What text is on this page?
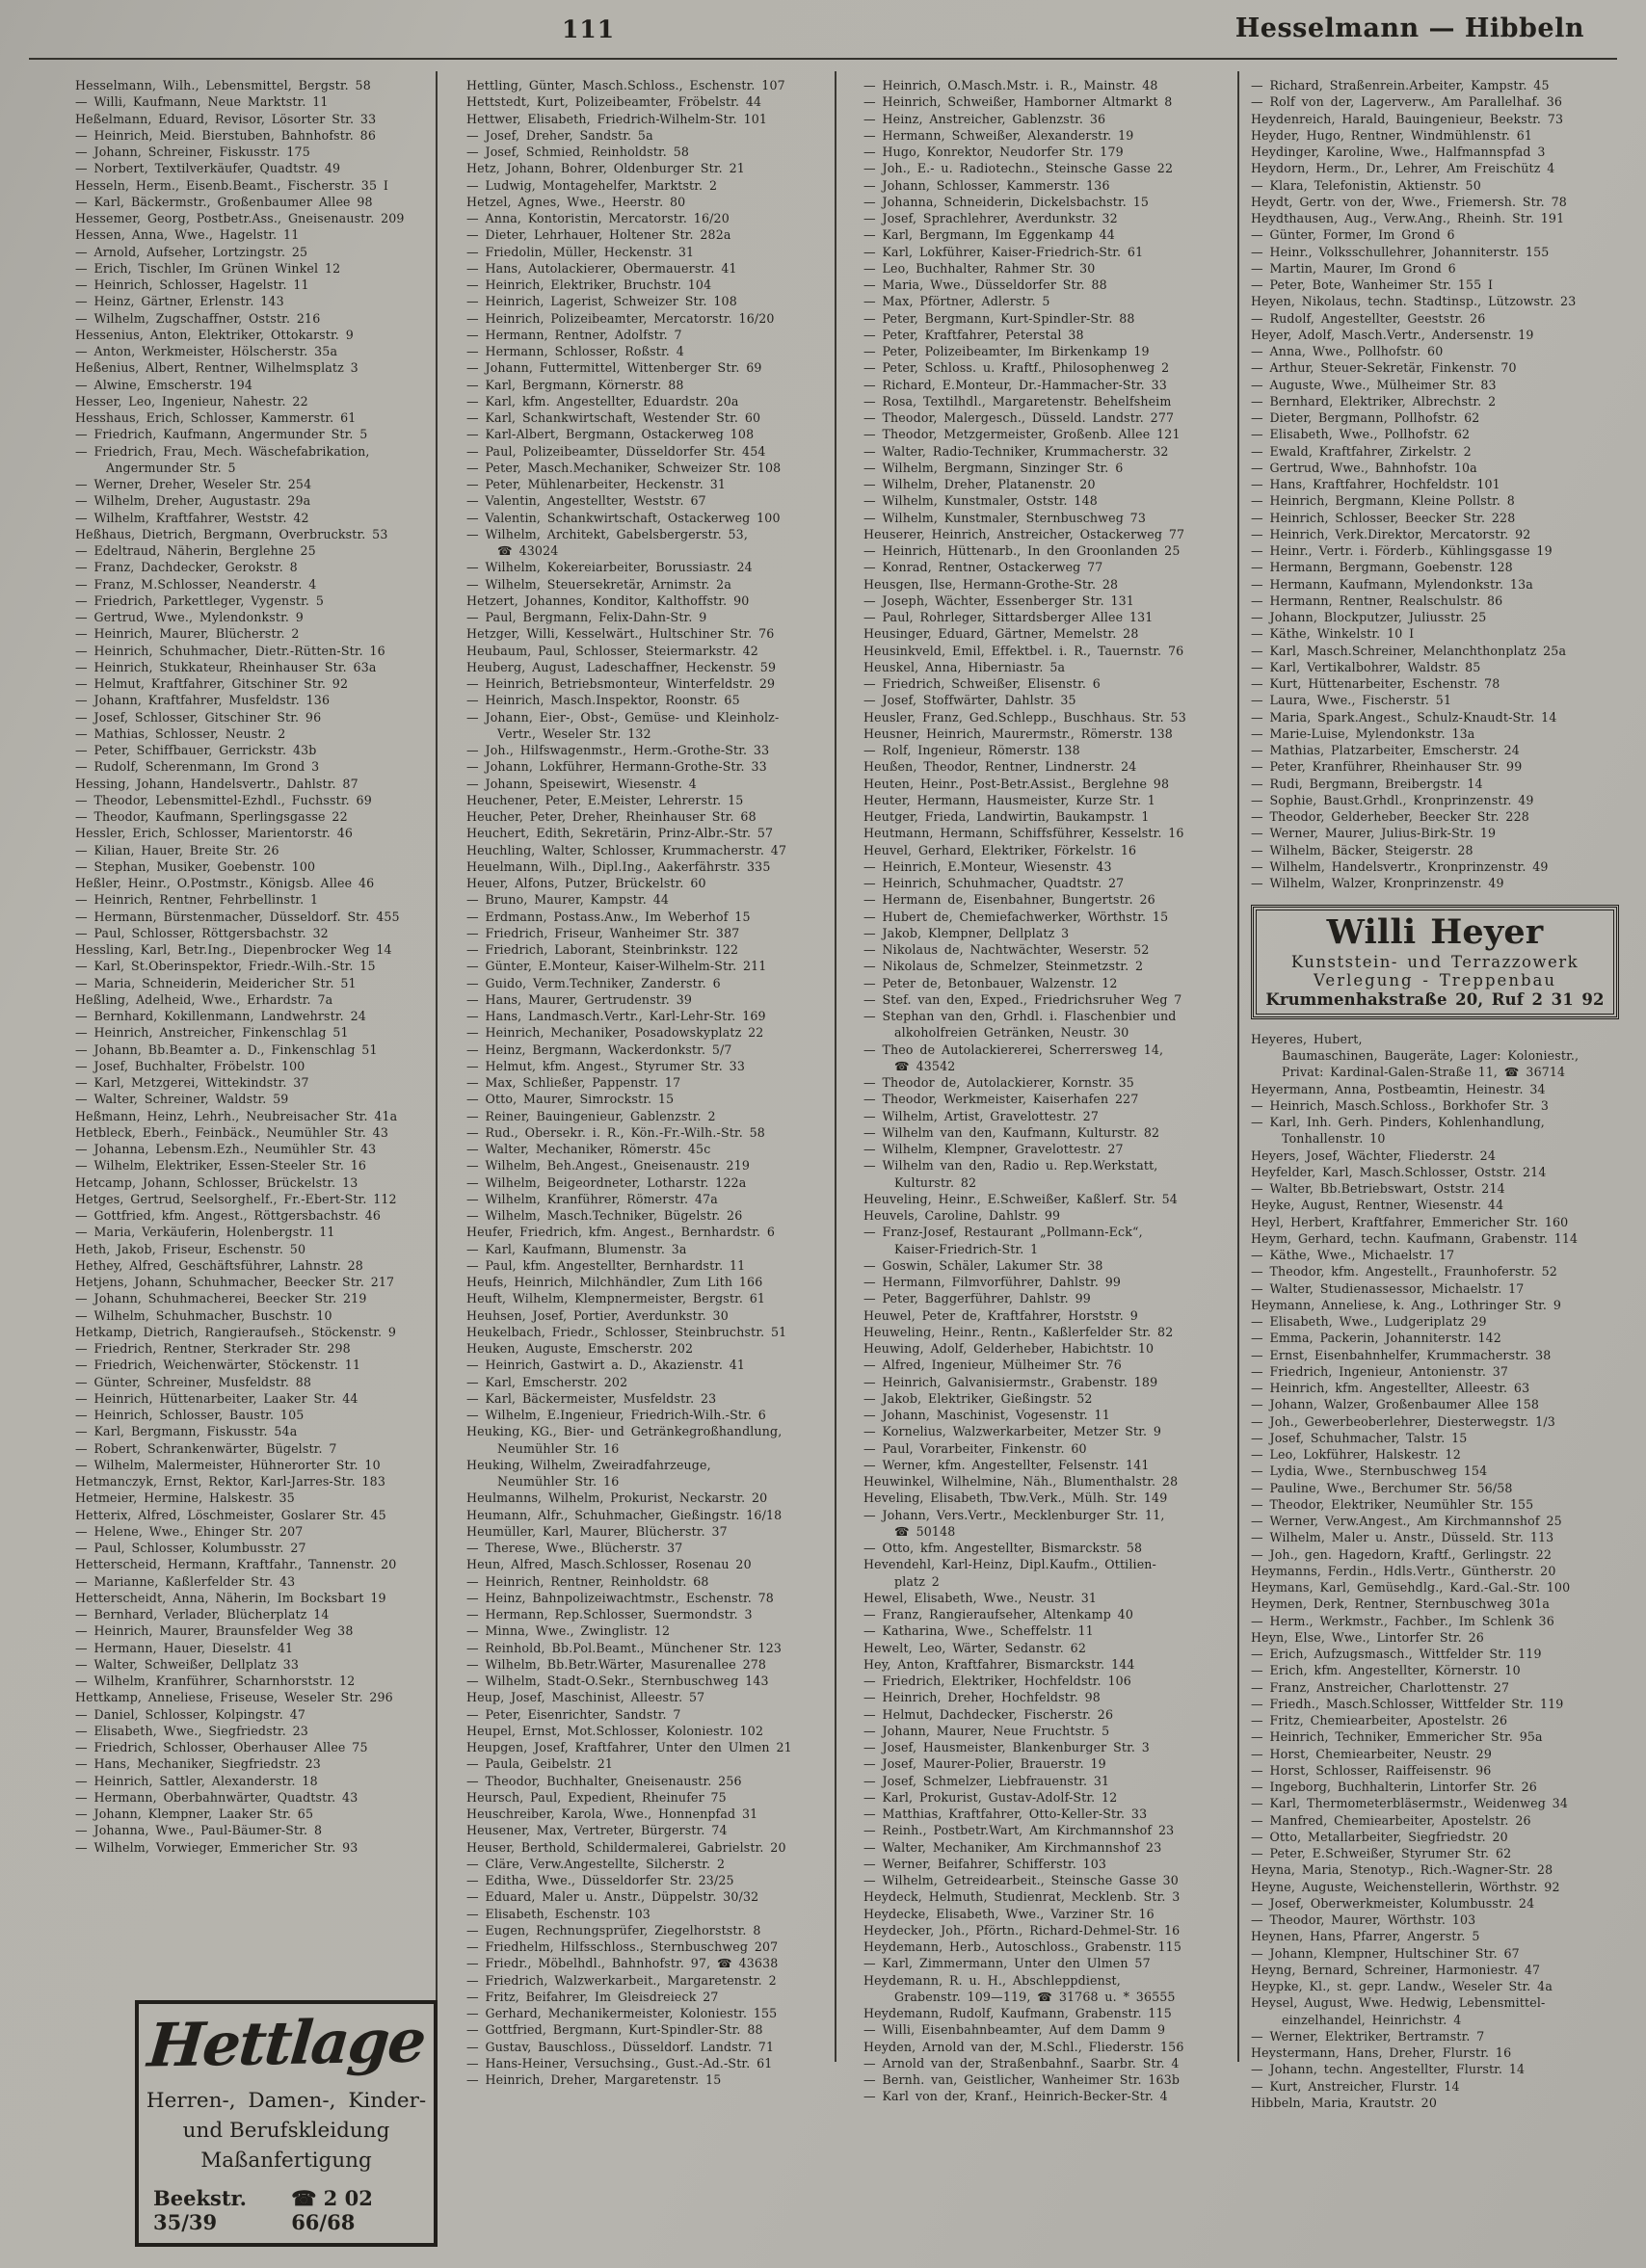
111	Hesselmann — Hibbeln
Hesselmann, Wilh., Lebensmittel, Bergstr. 58
— Willi, Kaufmann, Neue Marktstr. 11
Heßelmann, Eduard, Revisor, Lösorter Str. 33
— Heinrich, Meid. Bierstuben, Bahnhofstr. 86
— Johann, Schreiner, Fiskusstr. 175
— Norbert, Textilverkäufer, Quadtstr. 49
Hesseln, Herm., Eisenb.Beamt., Fischerstr. 35 I
— Karl, Bäckermstr., Großenbaumer Allee 98
Hessemer, Georg, Postbetr.Ass., Gneisenaustr. 209
Hessen, Anna, Wwe., Hagelstr. 11
— Arnold, Aufseher, Lortzingstr. 25
— Erich, Tischler, Im Grünen Winkel 12
— Heinrich, Schlosser, Hagelstr. 11
— Heinz, Gärtner, Erlenstr. 143
— Wilhelm, Zugschaffner, Oststr. 216
Hessenius, Anton, Elektriker, Ottokarstr. 9
— Anton, Werkmeister, Hölscherstr. 35a
Heßenius, Albert, Rentner, Wilhelmsplatz 3
— Alwine, Emscherstr. 194
Hesser, Leo, Ingenieur, Nahestr. 22
Hesshaus, Erich, Schlosser, Kammerstr. 61
— Friedrich, Kaufmann, Angermunder Str. 5
— Friedrich, Frau, Mech. Wäschefabrikation,
Angermunder Str. 5
— Werner, Dreher, Weseler Str. 254
— Wilhelm, Dreher, Augustastr. 29a
— Wilhelm, Kraftfahrer, Weststr. 42
Heßhaus, Dietrich, Bergmann, Overbruckstr. 53
— Edeltraud, Näherin, Berglehne 25
— Franz, Dachdecker, Gerokstr. 8
— Franz, M.Schlosser, Neanderstr. 4
— Friedrich, Parkettleger, Vygenstr. 5
— Gertrud, Wwe., Mylendonkstr. 9
— Heinrich, Maurer, Blücherstr. 2
— Heinrich, Schuhmacher, Dietr.-Rütten-Str. 16
— Heinrich, Stukkateur, Rheinhauser Str. 63a
— Helmut, Kraftfahrer, Gitschiner Str. 92
— Johann, Kraftfahrer, Musfeldstr. 136
— Josef, Schlosser, Gitschiner Str. 96
— Mathias, Schlosser, Neustr. 2
— Peter, Schiffbauer, Gerrickstr. 43b
— Rudolf, Scherenmann, Im Grond 3
Hessing, Johann, Handelsvertr., Dahlstr. 87
— Theodor, Lebensmittel-Ezhdl., Fuchsstr. 69
— Theodor, Kaufmann, Sperlingsgasse 22
Hessler, Erich, Schlosser, Marientorstr. 46
— Kilian, Hauer, Breite Str. 26
— Stephan, Musiker, Goebenstr. 100
Heßler, Heinr., O.Postmstr., Königsb. Allee 46
— Heinrich, Rentner, Fehrbellinstr. 1
— Hermann, Bürstenmacher, Düsseldorf. Str. 455
— Paul, Schlosser, Röttgersbachstr. 32
Hessling, Karl, Betr.Ing., Diepenbrocker Weg 14
— Karl, St.Oberinspektor, Friedr.-Wilh.-Str. 15
— Maria, Schneiderin, Meidericher Str. 51
Heßling, Adelheid, Wwe., Erhardstr. 7a
— Bernhard, Kokillenmann, Landwehrstr. 24
— Heinrich, Anstreicher, Finkenschlag 51
— Johann, Bb.Beamter a. D., Finkenschlag 51
— Josef, Buchhalter, Fröbelstr. 100
— Karl, Metzgerei, Wittekindstr. 37
— Walter, Schreiner, Waldstr. 59
Heßmann, Heinz, Lehrh., Neubreisacher Str. 41a
Hetbleck, Eberh., Feinbäck., Neumühler Str. 43
— Johanna, Lebensm.Ezh., Neumühler Str. 43
— Wilhelm, Elektriker, Essen-Steeler Str. 16
Hetcamp, Johann, Schlosser, Brückelstr. 13
Hetges, Gertrud, Seelsorghelf., Fr.-Ebert-Str. 112
— Gottfried, kfm. Angest., Röttgersbachstr. 46
— Maria, Verkäuferin, Holenbergstr. 11
Heth, Jakob, Friseur, Eschenstr. 50
Hethey, Alfred, Geschäftsführer, Lahnstr. 28
Hetjens, Johann, Schuhmacher, Beecker Str. 217
— Johann, Schuhmacherei, Beecker Str. 219
— Wilhelm, Schuhmacher, Buschstr. 10
Hetkamp, Dietrich, Rangieraufseh., Stöckenstr. 9
— Friedrich, Rentner, Sterkrader Str. 298
— Friedrich, Weichenwärter, Stöckenstr. 11
— Günter, Schreiner, Musfeldstr. 88
— Heinrich, Hüttenarbeiter, Laaker Str. 44
— Heinrich, Schlosser, Baustr. 105
— Karl, Bergmann, Fiskusstr. 54a
— Robert, Schrankenwärter, Bügelstr. 7
— Wilhelm, Malermeister, Hühnerorter Str. 10
Hetmanczyk, Ernst, Rektor, Karl-Jarres-Str. 183
Hetmeier, Hermine, Halskestr. 35
Hetterix, Alfred, Löschmeister, Goslarer Str. 45
— Helene, Wwe., Ehinger Str. 207
— Paul, Schlosser, Kolumbusstr. 27
Hetterscheid, Hermann, Kraftfahr., Tannenstr. 20
— Marianne, Kaßlerfelder Str. 43
Hetterscheidt, Anna, Näherin, Im Bocksbart 19
— Bernhard, Verlader, Blücherplatz 14
— Heinrich, Maurer, Braunsfelder Weg 38
— Hermann, Hauer, Dieselstr. 41
— Walter, Schweißer, Dellplatz 33
— Wilhelm, Kranführer, Scharnhorststr. 12
Hettkamp, Anneliese, Friseuse, Weseler Str. 296
— Daniel, Schlosser, Kolpingstr. 47
— Elisabeth, Wwe., Siegfriedstr. 23
— Friedrich, Schlosser, Oberhauser Allee 75
— Hans, Mechaniker, Siegfriedstr. 23
— Heinrich, Sattler, Alexanderstr. 18
— Hermann, Oberbahnwärter, Quadtstr. 43
— Johann, Klempner, Laaker Str. 65
— Johanna, Wwe., Paul-Bäumer-Str. 8
— Wilhelm, Vorwieger, Emmericher Str. 93
Hettling, Günter, Masch.Schloss., Eschenstr. 107
Hettstedt, Kurt, Polizeibeamter, Fröbelstr. 44
Hettwer, Elisabeth, Friedrich-Wilhelm-Str. 101
— Josef, Dreher, Sandstr. 5a
— Josef, Schmied, Reinholdstr. 58
Hetz, Johann, Bohrer, Oldenburger Str. 21
— Ludwig, Montagehelfer, Marktstr. 2
Hetzel, Agnes, Wwe., Heerstr. 80
— Anna, Kontoristin, Mercatorstr. 16/20
— Dieter, Lehrhauer, Holtener Str. 282a
— Friedolin, Müller, Heckenstr. 31
— Hans, Autolackierer, Obermauerstr. 41
— Heinrich, Elektriker, Bruchstr. 104
— Heinrich, Lagerist, Schweizer Str. 108
— Heinrich, Polizeibeamter, Mercatorstr. 16/20
— Hermann, Rentner, Adolfstr. 7
— Hermann, Schlosser, Roßstr. 4
— Johann, Futtermittel, Wittenberger Str. 69
— Karl, Bergmann, Körnerstr. 88
— Karl, kfm. Angestellter, Eduardstr. 20a
— Karl, Schankwirtschaft, Westender Str. 60
— Karl-Albert, Bergmann, Ostackerweg 108
— Paul, Polizeibeamter, Düsseldorfer Str. 454
— Peter, Masch.Mechaniker, Schweizer Str. 108
— Peter, Mühlenarbeiter, Heckenstr. 31
— Valentin, Angestellter, Weststr. 67
— Valentin, Schankwirtschaft, Ostackerweg 100
— Wilhelm, Architekt, Gabelsbergerstr. 53,
☎ 43024
— Wilhelm, Kokereiarbeiter, Borussiastr. 24
— Wilhelm, Steuersekretär, Arnimstr. 2a
Hetzert, Johannes, Konditor, Kalthoffstr. 90
— Paul, Bergmann, Felix-Dahn-Str. 9
Hetzger, Willi, Kesselwärt., Hultschiner Str. 76
Heubaum, Paul, Schlosser, Steiermarkstr. 42
Heuberg, August, Ladeschaffner, Heckenstr. 59
— Heinrich, Betriebsmonteur, Winterfeldstr. 29
— Heinrich, Masch.Inspektor, Roonstr. 65
— Johann, Eier-, Obst-, Gemüse- und Kleinholz-
Vertr., Weseler Str. 132
— Joh., Hilfswagenmstr., Herm.-Grothe-Str. 33
— Johann, Lokführer, Hermann-Grothe-Str. 33
— Johann, Speisewirt, Wiesenstr. 4
Heuchener, Peter, E.Meister, Lehrerstr. 15
Heucher, Peter, Dreher, Rheinhauser Str. 68
Heuchert, Edith, Sekretärin, Prinz-Albr.-Str. 57
Heuchling, Walter, Schlosser, Krummacherstr. 47
Heuelmann, Wilh., Dipl.Ing., Aakerfährstr. 335
Heuer, Alfons, Putzer, Brückelstr. 60
— Bruno, Maurer, Kampstr. 44
— Erdmann, Postass.Anw., Im Weberhof 15
— Friedrich, Friseur, Wanheimer Str. 387
— Friedrich, Laborant, Steinbrinkstr. 122
— Günter, E.Monteur, Kaiser-Wilhelm-Str. 211
— Guido, Verm.Techniker, Zanderstr. 6
— Hans, Maurer, Gertrudenstr. 39
— Hans, Landmasch.Vertr., Karl-Lehr-Str. 169
— Heinrich, Mechaniker, Posadowskyplatz 22
— Heinz, Bergmann, Wackerdonkstr. 5/7
— Helmut, kfm. Angest., Styrumer Str. 33
— Max, Schließer, Pappenstr. 17
— Otto, Maurer, Simrockstr. 15
— Reiner, Bauingenieur, Gablenzstr. 2
— Rud., Obersekr. i. R., Kön.-Fr.-Wilh.-Str. 58
— Walter, Mechaniker, Römerstr. 45c
— Wilhelm, Beh.Angest., Gneisenaustr. 219
— Wilhelm, Beigeordneter, Lotharstr. 122a
— Wilhelm, Kranführer, Römerstr. 47a
— Wilhelm, Masch.Techniker, Bügelstr. 26
Heufer, Friedrich, kfm. Angest., Bernhardstr. 6
— Karl, Kaufmann, Blumenstr. 3a
— Paul, kfm. Angestellter, Bernhardstr. 11
Heufs, Heinrich, Milchhändler, Zum Lith 166
Heuft, Wilhelm, Klempnermeister, Bergstr. 61
Heuhsen, Josef, Portier, Averdunkstr. 30
Heukelbach, Friedr., Schlosser, Steinbruchstr. 51
Heuken, Auguste, Emscherstr. 202
— Heinrich, Gastwirt a. D., Akazienstr. 41
— Karl, Emscherstr. 202
— Karl, Bäckermeister, Musfeldstr. 23
— Wilhelm, E.Ingenieur, Friedrich-Wilh.-Str. 6
Heuking, KG., Bier- und Getränkegroßhandlung,
Neumühler Str. 16
Heuking, Wilhelm, Zweiradfahrzeuge,
Neumühler Str. 16
Heulmanns, Wilhelm, Prokurist, Neckarstr. 20
Heumann, Alfr., Schuhmacher, Gießingstr. 16/18
Heumüller, Karl, Maurer, Blücherstr. 37
— Therese, Wwe., Blücherstr. 37
Heun, Alfred, Masch.Schlosser, Rosenau 20
— Heinrich, Rentner, Reinholdstr. 68
— Heinz, Bahnpolizeiwachtmstr., Eschenstr. 78
— Hermann, Rep.Schlosser, Suermondstr. 3
— Minna, Wwe., Zwinglistr. 12
— Reinhold, Bb.Pol.Beamt., Münchener Str. 123
— Wilhelm, Bb.Betr.Wärter, Masurenallee 278
— Wilhelm, Stadt-O.Sekr., Sternbuschweg 143
Heup, Josef, Maschinist, Alleestr. 57
— Peter, Eisenrichter, Sandstr. 7
Heupel, Ernst, Mot.Schlosser, Koloniestr. 102
Heupgen, Josef, Kraftfahrer, Unter den Ulmen 21
— Paula, Geibelstr. 21
— Theodor, Buchhalter, Gneisenaustr. 256
Heursch, Paul, Expedient, Rheinufer 75
Heuschreiber, Karola, Wwe., Honnenpfad 31
Heusener, Max, Vertreter, Bürgerstr. 74
Heuser, Berthold, Schildermalerei, Gabrielstr. 20
— Cläre, Verw.Angestellte, Silcherstr. 2
— Editha, Wwe., Düsseldorfer Str. 23/25
— Eduard, Maler u. Anstr., Düppelstr. 30/32
— Elisabeth, Eschenstr. 103
— Eugen, Rechnungsprüfer, Ziegelhorststr. 8
— Friedhelm, Hilfsschloss., Sternbuschweg 207
— Friedr., Möbelhdl., Bahnhofstr. 97, ☎ 43638
— Friedrich, Walzwerkarbeit., Margaretenstr. 2
— Fritz, Beifahrer, Im Gleisdreieck 27
— Gerhard, Mechanikermeister, Koloniestr. 155
— Gottfried, Bergmann, Kurt-Spindler-Str. 88
— Gustav, Bauschloss., Düsseldorf. Landstr. 71
— Hans-Heiner, Versuchsing., Gust.-Ad.-Str. 61
— Heinrich, Dreher, Margaretenstr. 15
— Heinrich, O.Masch.Mstr. i. R., Mainstr. 48
— Heinrich, Schweißer, Hamborner Altmarkt 8
— Heinz, Anstreicher, Gablenzstr. 36
— Hermann, Schweißer, Alexanderstr. 19
— Hugo, Konrektor, Neudorfer Str. 179
— Joh., E.- u. Radiotechn., Steinsche Gasse 22
— Johann, Schlosser, Kammerstr. 136
— Johanna, Schneiderin, Dickelsbachstr. 15
— Josef, Sprachlehrer, Averdunkstr. 32
— Karl, Bergmann, Im Eggenkamp 44
— Karl, Lokführer, Kaiser-Friedrich-Str. 61
— Leo, Buchhalter, Rahmer Str. 30
— Maria, Wwe., Düsseldorfer Str. 88
— Max, Pförtner, Adlerstr. 5
— Peter, Bergmann, Kurt-Spindler-Str. 88
— Peter, Kraftfahrer, Peterstal 38
— Peter, Polizeibeamter, Im Birkenkamp 19
— Peter, Schloss. u. Kraftf., Philosophenweg 2
— Richard, E.Monteur, Dr.-Hammacher-Str. 33
— Rosa, Textilhdl., Margaretenstr. Behelfsheim
— Theodor, Malergesch., Düsseld. Landstr. 277
— Theodor, Metzgermeister, Großenb. Allee 121
— Walter, Radio-Techniker, Krummacherstr. 32
— Wilhelm, Bergmann, Sinzinger Str. 6
— Wilhelm, Dreher, Platanenstr. 20
— Wilhelm, Kunstmaler, Oststr. 148
— Wilhelm, Kunstmaler, Sternbuschweg 73
Heuserer, Heinrich, Anstreicher, Ostackerweg 77
— Heinrich, Hüttenarb., In den Groonlanden 25
— Konrad, Rentner, Ostackerweg 77
Heusgen, Ilse, Hermann-Grothe-Str. 28
— Joseph, Wächter, Essenberger Str. 131
— Paul, Rohrleger, Sittardsberger Allee 131
Heusinger, Eduard, Gärtner, Memelstr. 28
Heusinkveld, Emil, Effektbel. i. R., Tauernstr. 76
Heuskel, Anna, Hiberniastr. 5a
— Friedrich, Schweißer, Elisenstr. 6
— Josef, Stoffwärter, Dahlstr. 35
Heusler, Franz, Ged.Schlepp., Buschhaus. Str. 53
Heusner, Heinrich, Maurermstr., Römerstr. 138
— Rolf, Ingenieur, Römerstr. 138
Heußen, Theodor, Rentner, Lindnerstr. 24
Heuten, Heinr., Post-Betr.Assist., Berglehne 98
Heuter, Hermann, Hausmeister, Kurze Str. 1
Heutger, Frieda, Landwirtin, Baukampstr. 1
Heutmann, Hermann, Schiffsführer, Kesselstr. 16
Heuvel, Gerhard, Elektriker, Förkelstr. 16
— Heinrich, E.Monteur, Wiesenstr. 43
— Heinrich, Schuhmacher, Quadtstr. 27
— Hermann de, Eisenbahner, Bungertstr. 26
— Hubert de, Chemiefachwerker, Wörthstr. 15
— Jakob, Klempner, Dellplatz 3
— Nikolaus de, Nachtwächter, Weserstr. 52
— Nikolaus de, Schmelzer, Steinmetzstr. 2
— Peter de, Betonbauer, Walzenstr. 12
— Stef. van den, Exped., Friedrichsruher Weg 7
— Stephan van den, Grhdl. i. Flaschenbier und
alkoholfreien Getränken, Neustr. 30
— Theo de Autolackiererei, Scherrersweg 14,
☎ 43542
— Theodor de, Autolackierer, Kornstr. 35
— Theodor, Werkmeister, Kaiserhafen 227
— Wilhelm, Artist, Gravelottestr. 27
— Wilhelm van den, Kaufmann, Kulturstr. 82
— Wilhelm, Klempner, Gravelottestr. 27
— Wilhelm van den, Radio u. Rep.Werkstatt,
Kulturstr. 82
Heuveling, Heinr., E.Schweißer, Kaßlerf. Str. 54
Heuvels, Caroline, Dahlstr. 99
— Franz-Josef, Restaurant „Pollmann-Eck“,
Kaiser-Friedrich-Str. 1
— Goswin, Schäler, Lakumer Str. 38
— Hermann, Filmvorführer, Dahlstr. 99
— Peter, Baggerführer, Dahlstr. 99
Heuwel, Peter de, Kraftfahrer, Horststr. 9
Heuweling, Heinr., Rentn., Kaßlerfelder Str. 82
Heuwing, Adolf, Gelderheber, Habichtstr. 10
— Alfred, Ingenieur, Mülheimer Str. 76
— Heinrich, Galvanisiermstr., Grabenstr. 189
— Jakob, Elektriker, Gießingstr. 52
— Johann, Maschinist, Vogesenstr. 11
— Kornelius, Walzwerkarbeiter, Metzer Str. 9
— Paul, Vorarbeiter, Finkenstr. 60
— Werner, kfm. Angestellter, Felsenstr. 141
Heuwinkel, Wilhelmine, Näh., Blumenthalstr. 28
Heveling, Elisabeth, Tbw.Verk., Mülh. Str. 149
— Johann, Vers.Vertr., Mecklenburger Str. 11,
☎ 50148
— Otto, kfm. Angestellter, Bismarckstr. 58
Hevendehl, Karl-Heinz, Dipl.Kaufm., Ottilien-
platz 2
Hewel, Elisabeth, Wwe., Neustr. 31
— Franz, Rangieraufseher, Altenkamp 40
— Katharina, Wwe., Scheffelstr. 11
Hewelt, Leo, Wärter, Sedanstr. 62
Hey, Anton, Kraftfahrer, Bismarckstr. 144
— Friedrich, Elektriker, Hochfeldstr. 106
— Heinrich, Dreher, Hochfeldstr. 98
— Helmut, Dachdecker, Fischerstr. 26
— Johann, Maurer, Neue Fruchtstr. 5
— Josef, Hausmeister, Blankenburger Str. 3
— Josef, Maurer-Polier, Brauerstr. 19
— Josef, Schmelzer, Liebfrauenstr. 31
— Karl, Prokurist, Gustav-Adolf-Str. 12
— Matthias, Kraftfahrer, Otto-Keller-Str. 33
— Reinh., Postbetr.Wart, Am Kirchmannshof 23
— Walter, Mechaniker, Am Kirchmannshof 23
— Werner, Beifahrer, Schifferstr. 103
— Wilhelm, Getreidearbeit., Steinsche Gasse 30
Heydeck, Helmuth, Studienrat, Mecklenb. Str. 3
Heydecke, Elisabeth, Wwe., Varziner Str. 16
Heydecker, Joh., Pförtn., Richard-Dehmel-Str. 16
Heydemann, Herb., Autoschloss., Grabenstr. 115
— Karl, Zimmermann, Unter den Ulmen 57
Heydemann, R. u. H., Abschleppdienst,
Grabenstr. 109—119, ☎ 31768 u. * 36555
Heydemann, Rudolf, Kaufmann, Grabenstr. 115
— Willi, Eisenbahnbeamter, Auf dem Damm 9
Heyden, Arnold van der, M.Schl., Fliederstr. 156
— Arnold van der, Straßenbahnf., Saarbr. Str. 4
— Bernh. van, Geistlicher, Wanheimer Str. 163b
— Karl von der, Kranf., Heinrich-Becker-Str. 4
— Richard, Straßenrein.Arbeiter, Kampstr. 45
— Rolf von der, Lagerverw., Am Parallelhaf. 36
Heydenreich, Harald, Bauingenieur, Beekstr. 73
Heyder, Hugo, Rentner, Windmühlenstr. 61
Heydinger, Karoline, Wwe., Halfmannspfad 3
Heydorn, Herm., Dr., Lehrer, Am Freischütz 4
— Klara, Telefonistin, Aktienstr. 50
Heydt, Gertr. von der, Wwe., Friemersh. Str. 78
Heydthausen, Aug., Verw.Ang., Rheinh. Str. 191
— Günter, Former, Im Grond 6
— Heinr., Volksschullehrer, Johanniterstr. 155
— Martin, Maurer, Im Grond 6
— Peter, Bote, Wanheimer Str. 155 I
Heyen, Nikolaus, techn. Stadtinsp., Lützowstr. 23
— Rudolf, Angestellter, Geeststr. 26
Heyer, Adolf, Masch.Vertr., Andersenstr. 19
— Anna, Wwe., Pollhofstr. 60
— Arthur, Steuer-Sekretär, Finkenstr. 70
— Auguste, Wwe., Mülheimer Str. 83
— Bernhard, Elektriker, Albrechstr. 2
— Dieter, Bergmann, Pollhofstr. 62
— Elisabeth, Wwe., Pollhofstr. 62
— Ewald, Kraftfahrer, Zirkelstr. 2
— Gertrud, Wwe., Bahnhofstr. 10a
— Hans, Kraftfahrer, Hochfeldstr. 101
— Heinrich, Bergmann, Kleine Pollstr. 8
— Heinrich, Schlosser, Beecker Str. 228
— Heinrich, Verk.Direktor, Mercatorstr. 92
— Heinr., Vertr. i. Förderb., Kühlingsgasse 19
— Hermann, Bergmann, Goebenstr. 128
— Hermann, Kaufmann, Mylendonkstr. 13a
— Hermann, Rentner, Realschulstr. 86
— Johann, Blockputzer, Juliusstr. 25
— Käthe, Winkelstr. 10 I
— Karl, Masch.Schreiner, Melanchthonplatz 25a
— Karl, Vertikalbohrer, Waldstr. 85
— Kurt, Hüttenarbeiter, Eschenstr. 78
— Laura, Wwe., Fischerstr. 51
— Maria, Spark.Angest., Schulz-Knaudt-Str. 14
— Marie-Luise, Mylendonkstr. 13a
— Mathias, Platzarbeiter, Emscherstr. 24
— Peter, Kranführer, Rheinhauser Str. 99
— Rudi, Bergmann, Breibergstr. 14
— Sophie, Baust.Grhdl., Kronprinzenstr. 49
— Theodor, Gelderheber, Beecker Str. 228
— Werner, Maurer, Julius-Birk-Str. 19
— Wilhelm, Bäcker, Steigerstr. 28
— Wilhelm, Handelsvertr., Kronprinzenstr. 49
— Wilhelm, Walzer, Kronprinzenstr. 49
Willi Heyer
Kunststein- und Terrazzowerk
Verlegung - Treppenbau
Krummenhakstraße 20, Ruf 2 31 92
Heyeres, Hubert,
Baumaschinen, Baugeräte, Lager: Koloniestr.,
Privat: Kardinal-Galen-Straße 11, ☎ 36714
Heyermann, Anna, Postbeamtin, Heinestr. 34
— Heinrich, Masch.Schloss., Borkhofer Str. 3
— Karl, Inh. Gerh. Pinders, Kohlenhandlung,
Tonhallenstr. 10
Heyers, Josef, Wächter, Fliederstr. 24
Heyfelder, Karl, Masch.Schlosser, Oststr. 214
— Walter, Bb.Betriebswart, Oststr. 214
Heyke, August, Rentner, Wiesenstr. 44
Heyl, Herbert, Kraftfahrer, Emmericher Str. 160
Heym, Gerhard, techn. Kaufmann, Grabenstr. 114
— Käthe, Wwe., Michaelstr. 17
— Theodor, kfm. Angestellt., Fraunhoferstr. 52
— Walter, Studienassessor, Michaelstr. 17
Heymann, Anneliese, k. Ang., Lothringer Str. 9
— Elisabeth, Wwe., Ludgeriplatz 29
— Emma, Packerin, Johanniterstr. 142
— Ernst, Eisenbahnhelfer, Krummacherstr. 38
— Friedrich, Ingenieur, Antonienstr. 37
— Heinrich, kfm. Angestellter, Alleestr. 63
— Johann, Walzer, Großenbaumer Allee 158
— Joh., Gewerbeoberlehrer, Diesterwegstr. 1/3
— Josef, Schuhmacher, Talstr. 15
— Leo, Lokführer, Halskestr. 12
— Lydia, Wwe., Sternbuschweg 154
— Pauline, Wwe., Berchumer Str. 56/58
— Theodor, Elektriker, Neumühler Str. 155
— Werner, Verw.Angest., Am Kirchmannshof 25
— Wilhelm, Maler u. Anstr., Düsseld. Str. 113
— Joh., gen. Hagedorn, Kraftf., Gerlingstr. 22
Heymanns, Ferdin., Hdls.Vertr., Güntherstr. 20
Heymans, Karl, Gemüsehdlg., Kard.-Gal.-Str. 100
Heymen, Derk, Rentner, Sternbuschweg 301a
— Herm., Werkmstr., Fachber., Im Schlenk 36
Heyn, Else, Wwe., Lintorfer Str. 26
— Erich, Aufzugsmasch., Wittfelder Str. 119
— Erich, kfm. Angestellter, Körnerstr. 10
— Franz, Anstreicher, Charlottenstr. 27
— Friedh., Masch.Schlosser, Wittfelder Str. 119
— Fritz, Chemiearbeiter, Apostelstr. 26
— Heinrich, Techniker, Emmericher Str. 95a
— Horst, Chemiearbeiter, Neustr. 29
— Horst, Schlosser, Raiffeisenstr. 96
— Ingeborg, Buchhalterin, Lintorfer Str. 26
— Karl, Thermometerbläsermstr., Weidenweg 34
— Manfred, Chemiearbeiter, Apostelstr. 26
— Otto, Metallarbeiter, Siegfriedstr. 20
— Peter, E.Schweißer, Styrumer Str. 62
Heyna, Maria, Stenotyp., Rich.-Wagner-Str. 28
Heyne, Auguste, Weichenstellerin, Wörthstr. 92
— Josef, Oberwerkmeister, Kolumbusstr. 24
— Theodor, Maurer, Wörthstr. 103
Heynen, Hans, Pfarrer, Angerstr. 5
— Johann, Klempner, Hultschiner Str. 67
Heyng, Bernard, Schreiner, Harmoniestr. 47
Heypke, Kl., st. gepr. Landw., Weseler Str. 4a
Heysel, August, Wwe. Hedwig, Lebensmittel-
einzelhandel, Heinrichstr. 4
— Werner, Elektriker, Bertramstr. 7
Heystermann, Hans, Dreher, Flurstr. 16
— Johann, techn. Angestellter, Flurstr. 14
— Kurt, Anstreicher, Flurstr. 14
Hibbeln, Maria, Krautstr. 20
Hettlage
Herren-, Damen-, Kinder-
und Berufskleidung
Maßanfertigung
Beekstr. 35/39
☎ 2 02 66/68
